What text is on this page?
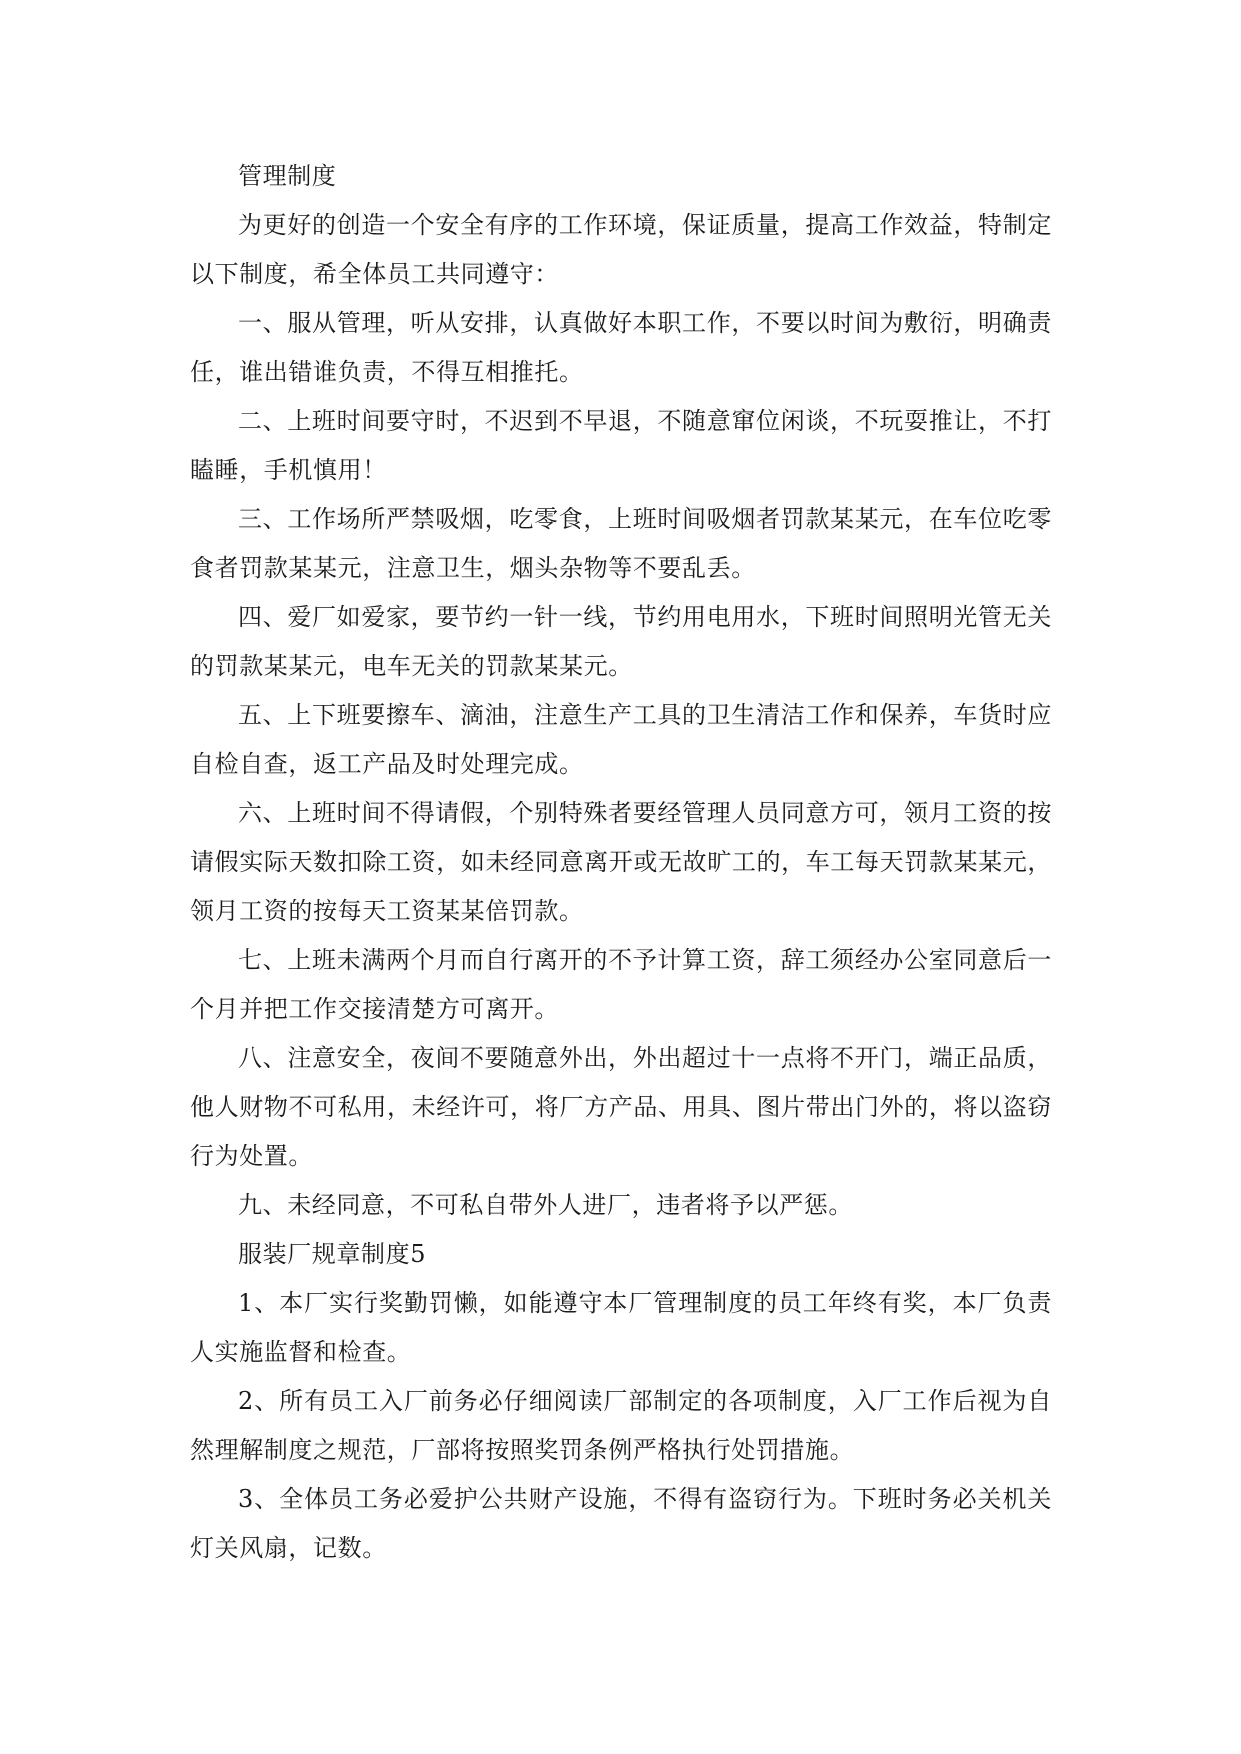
管理制度

为更好的创造一个安全有序的工作环境，保证质量，提高工作效益，特制定以下制度，希全体员工共同遵守：

一、服从管理，听从安排，认真做好本职工作，不要以时间为敷衍，明确责任，谁出错谁负责，不得互相推托。

二、上班时间要守时，不迟到不早退，不随意窜位闲谈，不玩耍推让，不打瞌睡，手机慎用！

三、工作场所严禁吸烟，吃零食，上班时间吸烟者罚款某某元，在车位吃零食者罚款某某元，注意卫生，烟头杂物等不要乱丢。

四、爱厂如爱家，要节约一针一线，节约用电用水，下班时间照明光管无关的罚款某某元，电车无关的罚款某某元。

五、上下班要擦车、滴油，注意生产工具的卫生清洁工作和保养，车货时应自检自查，返工产品及时处理完成。

六、上班时间不得请假，个别特殊者要经管理人员同意方可，领月工资的按请假实际天数扣除工资，如未经同意离开或无故旷工的，车工每天罚款某某元，领月工资的按每天工资某某倍罚款。

七、上班未满两个月而自行离开的不予计算工资，辞工须经办公室同意后一个月并把工作交接清楚方可离开。

八、注意安全，夜间不要随意外出，外出超过十一点将不开门，端正品质，他人财物不可私用，未经许可，将厂方产品、用具、图片带出门外的，将以盗窃行为处置。

九、未经同意，不可私自带外人进厂，违者将予以严惩。

服装厂规章制度5

1、本厂实行奖勤罚懒，如能遵守本厂管理制度的员工年终有奖，本厂负责人实施监督和检查。

2、所有员工入厂前务必仔细阅读厂部制定的各项制度，入厂工作后视为自然理解制度之规范，厂部将按照奖罚条例严格执行处罚措施。

3、全体员工务必爱护公共财产设施，不得有盗窃行为。下班时务必关机关灯关风扇，记数。
